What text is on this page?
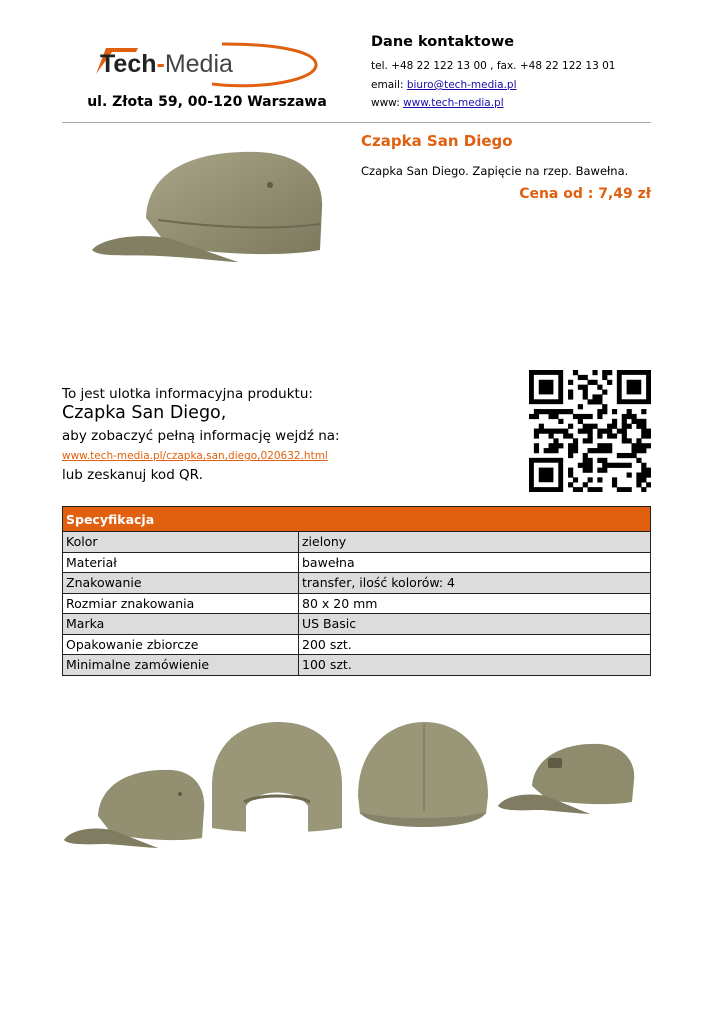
Tech-Media
ul. Złota 59, 00-120 Warszawa
Dane kontaktowe
tel. +48 22 122 13 00 , fax. +48 22 122 13 01
email: biuro@tech-media.pl
www: www.tech-media.pl
Czapka San Diego
Czapka San Diego. Zapięcie na rzep. Bawełna.
Cena od : 7,49 zł
To jest ulotka informacyjna produktu:
Czapka San Diego,
aby zobaczyć pełną informację wejdź na:
www.tech-media.pl/czapka,san,diego,020632.html
lub zeskanuj kod QR.
Specyfikacja	
Kolor	zielony
Materiał	bawełna
Znakowanie	transfer, ilość kolorów: 4
Rozmiar znakowania	80 x 20 mm
Marka	US Basic
Opakowanie zbiorcze	200 szt.
Minimalne zamówienie	100 szt.
